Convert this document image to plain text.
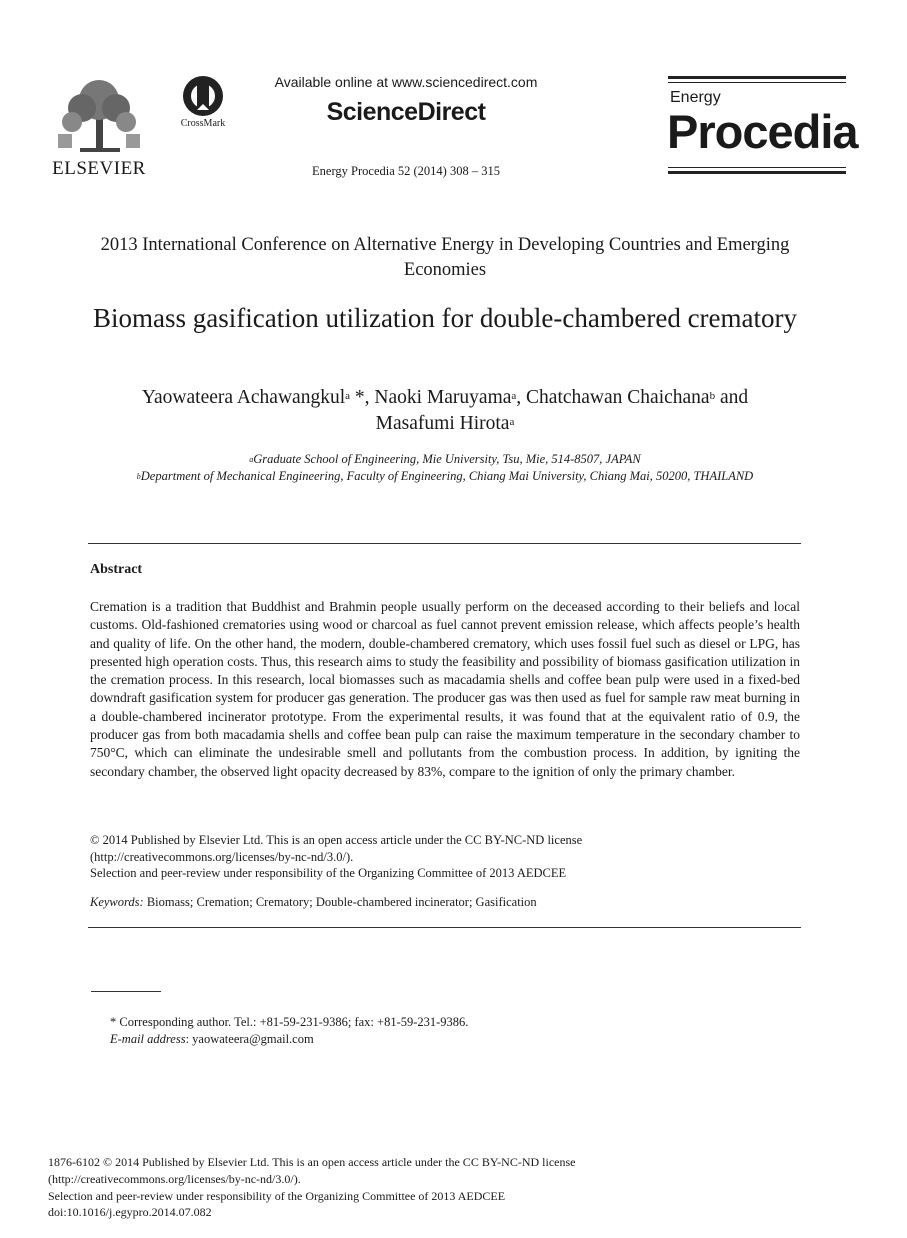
ELSEVIER
CrossMark
Available online at www.sciencedirect.com
ScienceDirect
Energy Procedia 52 (2014) 308 – 315
Energy
Procedia
2013 International Conference on Alternative Energy in Developing Countries and Emerging Economies
Biomass gasification utilization for double-chambered crematory
Yaowateera Achawangkul$^a$ *, Naoki Maruyama$^a$, Chatchawan Chaichana$^b$ and
Masafumi Hirota$^a$
$^a$Graduate School of Engineering, Mie University, Tsu, Mie, 514-8507, JAPAN
$^b$Department of Mechanical Engineering, Faculty of Engineering, Chiang Mai University, Chiang Mai, 50200, THAILAND
Abstract
Cremation is a tradition that Buddhist and Brahmin people usually perform on the deceased according to their beliefs and local customs. Old-fashioned crematories using wood or charcoal as fuel cannot prevent emission release, which affects people’s health and quality of life. On the other hand, the modern, double-chambered crematory, which uses fossil fuel such as diesel or LPG, has presented high operation costs. Thus, this research aims to study the feasibility and possibility of biomass gasification utilization in the cremation process. In this research, local biomasses such as macadamia shells and coffee bean pulp were used in a fixed-bed downdraft gasification system for producer gas generation. The producer gas was then used as fuel for sample raw meat burning in a double-chambered incinerator prototype. From the experimental results, it was found that at the equivalent ratio of 0.9, the producer gas from both macadamia shells and coffee bean pulp can raise the maximum temperature in the secondary chamber to 750°C, which can eliminate the undesirable smell and pollutants from the combustion process. In addition, by igniting the secondary chamber, the observed light opacity decreased by 83%, compare to the ignition of only the primary chamber.
© 2014 Published by Elsevier Ltd. This is an open access article under the CC BY-NC-ND license
(http://creativecommons.org/licenses/by-nc-nd/3.0/).
Selection and peer-review under responsibility of the Organizing Committee of 2013 AEDCEE
Keywords: Biomass; Cremation; Crematory; Double-chambered incinerator; Gasification
* Corresponding author. Tel.: +81-59-231-9386; fax: +81-59-231-9386.
E-mail address: yaowateera@gmail.com
1876-6102 © 2014 Published by Elsevier Ltd. This is an open access article under the CC BY-NC-ND license
(http://creativecommons.org/licenses/by-nc-nd/3.0/).
Selection and peer-review under responsibility of the Organizing Committee of 2013 AEDCEE
doi:10.1016/j.egypro.2014.07.082
